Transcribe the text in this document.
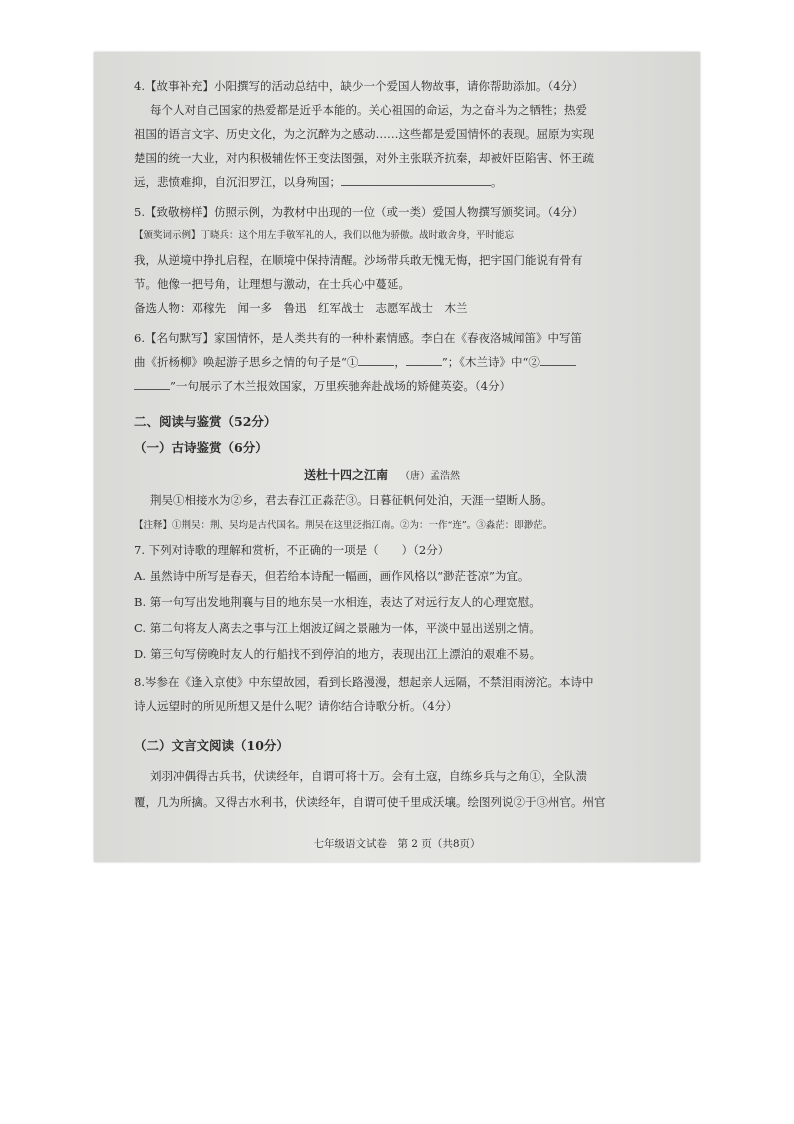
4.【故事补充】小阳撰写的活动总结中，缺少一个爱国人物故事，请你帮助添加。（4分）
每个人对自己国家的热爱都是近乎本能的。关心祖国的命运，为之奋斗为之牺牲；热爱
祖国的语言文字、历史文化，为之沉醉为之感动……这些都是爱国情怀的表现。屈原为实现
楚国的统一大业，对内积极辅佐怀王变法图强，对外主张联齐抗秦，却被奸臣陷害、怀王疏
远，悲愤难抑，自沉汨罗江，以身殉国；	。
5.【致敬榜样】仿照示例，为教材中出现的一位（或一类）爱国人物撰写颁奖词。（4分）
【颁奖词示例】丁晓兵：这个用左手敬军礼的人，我们以他为骄傲。战时敢舍身，平时能忘
我，从逆境中挣扎启程，在顺境中保持清醒。沙场带兵敢无愧无悔，把宇国门能说有骨有
节。他像一把号角，让理想与激动，在士兵心中蔓延。
备选人物：邓稼先　闻一多　鲁迅　红军战士　志愿军战士　木兰
6.【名句默写】家国情怀，是人类共有的一种朴素情感。李白在《春夜洛城闻笛》中写笛
曲《折杨柳》唤起游子思乡之情的句子是“①	，	”；《木兰诗》中“②
”一句展示了木兰报效国家，万里疾驰奔赴战场的矫健英姿。（4分）
二、阅读与鉴赏（52分）
（一）古诗鉴赏（6分）
送杜十四之江南 （唐）孟浩然
荆吴①相接水为②乡，君去春江正淼茫③。日暮征帆何处泊，天涯一望断人肠。
【注释】①荆吴：荆、吴均是古代国名。荆吴在这里泛指江南。②为：一作“连”。③淼茫：即渺茫。
7. 下列对诗歌的理解和赏析，不正确的一项是（　　）（2分）
A. 虽然诗中所写是春天，但若给本诗配一幅画，画作风格以“渺茫苍凉”为宜。
B. 第一句写出发地荆襄与目的地东吴一水相连，表达了对远行友人的心理宽慰。
C. 第二句将友人离去之事与江上烟波辽阔之景融为一体，平淡中显出送别之情。
D. 第三句写傍晚时友人的行船找不到停泊的地方，表现出江上漂泊的艰难不易。
8.岑参在《逢入京使》中东望故园，看到长路漫漫，想起亲人远隔，不禁泪雨滂沱。本诗中
诗人远望时的所见所想又是什么呢？请你结合诗歌分析。（4分）
（二）文言文阅读（10分）
刘羽冲偶得古兵书，伏读经年，自谓可将十万。会有土寇，自练乡兵与之角①，全队溃
覆，几为所擒。又得古水利书，伏读经年，自谓可使千里成沃壤。绘图列说②于③州官。州官
七年级语文试卷　第 2 页（共8页）
